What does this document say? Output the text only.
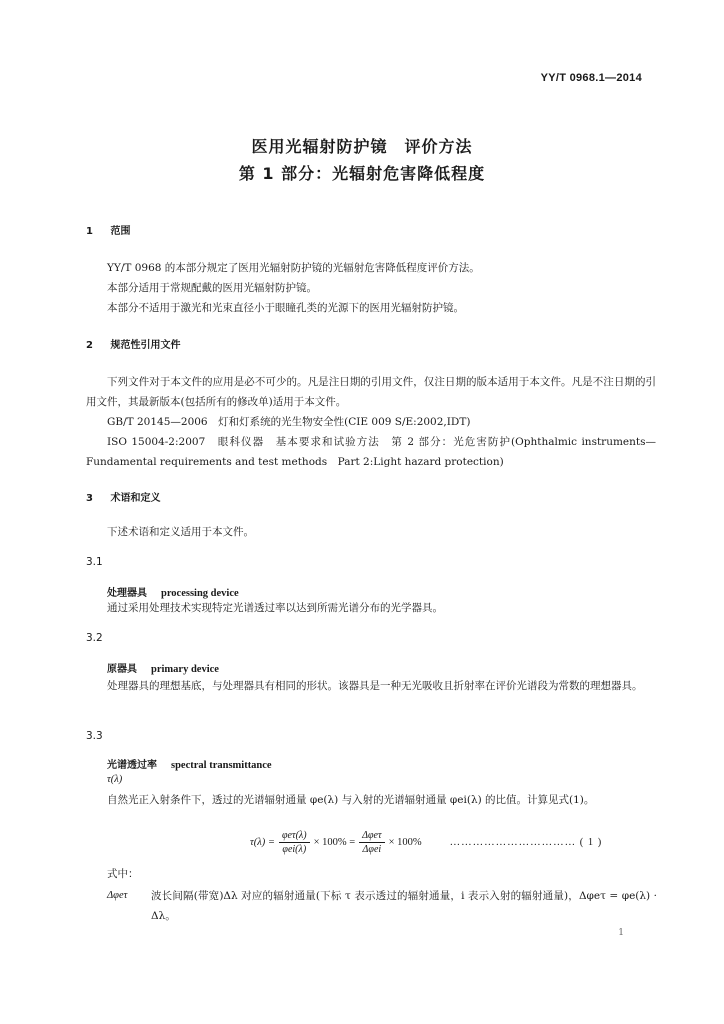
YY/T 0968.1—2014
医用光辐射防护镜　评价方法
第 1 部分：光辐射危害降低程度
1 范围

YY/T 0968 的本部分规定了医用光辐射防护镜的光辐射危害降低程度评价方法。

本部分适用于常规配戴的医用光辐射防护镜。

本部分不适用于激光和光束直径小于眼瞳孔类的光源下的医用光辐射防护镜。

2 规范性引用文件

下列文件对于本文件的应用是必不可少的。凡是注日期的引用文件，仅注日期的版本适用于本文件。凡是不注日期的引用文件，其最新版本(包括所有的修改单)适用于本文件。

GB/T 20145—2006　灯和灯系统的光生物安全性(CIE 009 S/E:2002,IDT)

ISO 15004-2:2007　眼科仪器　基本要求和试验方法　第 2 部分：光危害防护(Ophthalmic instruments—Fundamental requirements and test methods　Part 2:Light hazard protection)

3 术语和定义

下述术语和定义适用于本文件。

3.1
处理器具 processing device

通过采用处理技术实现特定光谱透过率以达到所需光谱分布的光学器具。

3.2
原器具 primary device

处理器具的理想基底，与处理器具有相同的形状。该器具是一种无光吸收且折射率在评价光谱段为常数的理想器具。

3.3
光谱透过率 spectral transmittance
τ(λ)

自然光正入射条件下，透过的光谱辐射通量 φe(λ) 与入射的光谱辐射通量 φei(λ) 的比值。计算见式(1)。

$\tau(\lambda) = \frac{\text{φeτ(λ)}}{\text{φei(λ)}} \times 100\% = \frac{\text{Δφeτ}}{\text{Δφei}} \times 100\%$	…………………………… ( 1 )
式中：
Δφeτ 波长间隔(带宽)Δλ 对应的辐射通量(下标 τ 表示透过的辐射通量，i 表示入射的辐射通量)，Δφeτ = φe(λ) · Δλ。
1
